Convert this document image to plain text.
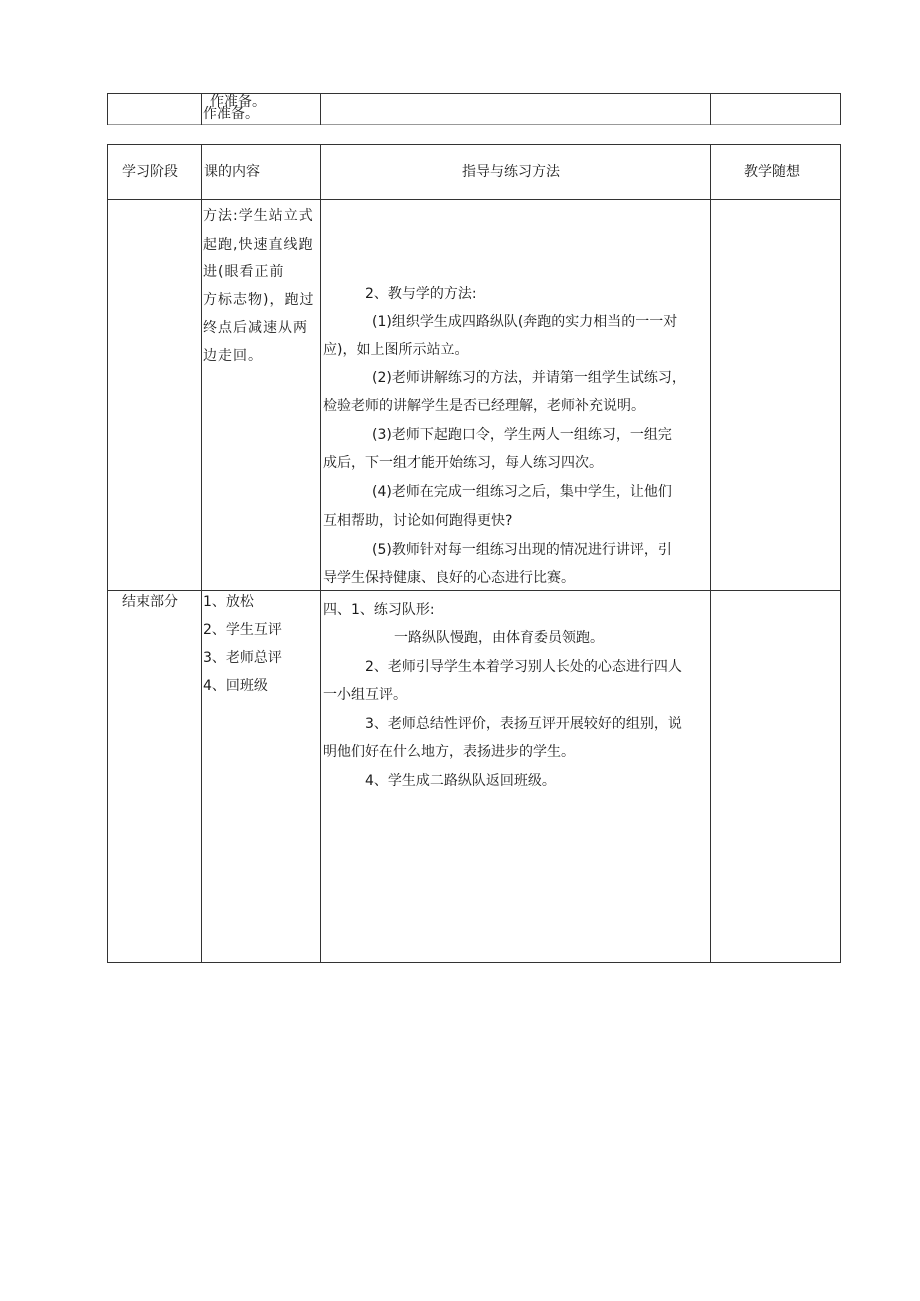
作准备。
作准备。
学习阶段 课的内容	指导与练习方法	教学随想
方法:学生站立式
起跑,快速直线跑
进(眼看正前
方标志物)，跑过
终点后减速从两
边走回。
2、教与学的方法:
(1)组织学生成四路纵队(奔跑的实力相当的一一对
应)，如上图所示站立。
(2)老师讲解练习的方法，并请第一组学生试练习，
检验老师的讲解学生是否已经理解，老师补充说明。
(3)老师下起跑口令，学生两人一组练习，一组完
成后，下一组才能开始练习，每人练习四次。
(4)老师在完成一组练习之后，集中学生，让他们
互相帮助，讨论如何跑得更快?
(5)教师针对每一组练习出现的情况进行讲评，引
导学生保持健康、良好的心态进行比赛。
结束部分 1、放松
2、学生互评
3、老师总评
4、回班级
四、1、练习队形:
一路纵队慢跑，由体育委员领跑。
2、老师引导学生本着学习别人长处的心态进行四人
一小组互评。
3、老师总结性评价，表扬互评开展较好的组别，说
明他们好在什么地方，表扬进步的学生。
4、学生成二路纵队返回班级。
